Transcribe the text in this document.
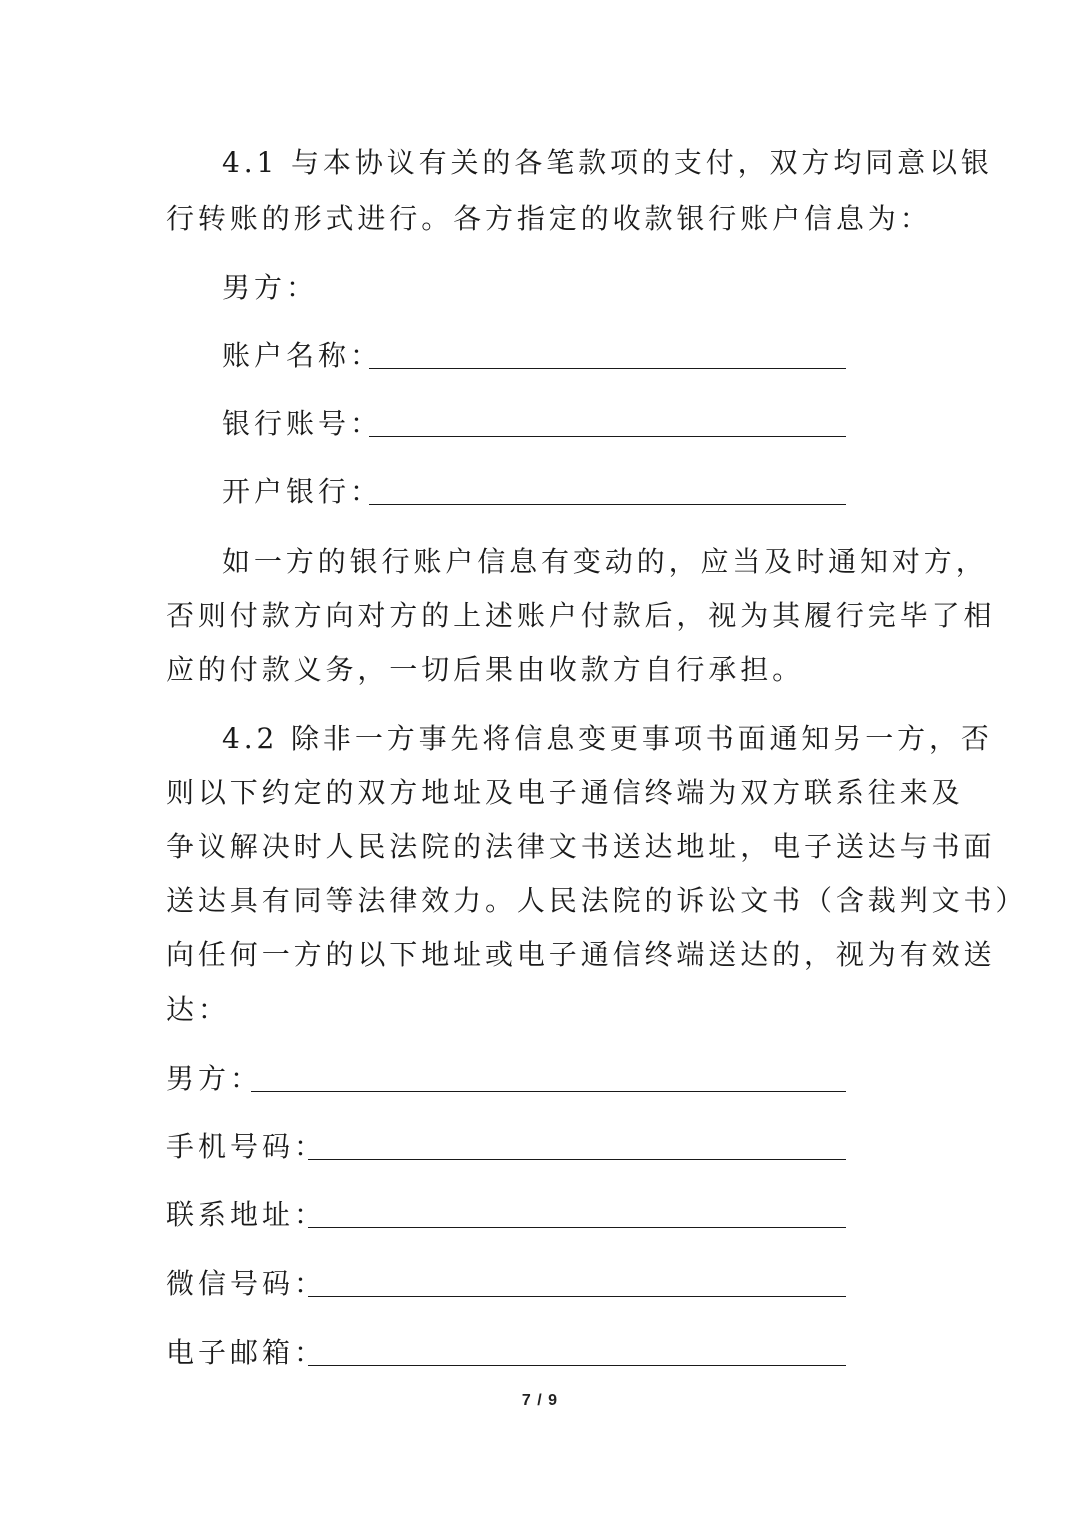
4.1 与本协议有关的各笔款项的支付，双方均同意以银
行转账的形式进行。各方指定的收款银行账户信息为：
男方：
账户名称：
银行账号：
开户银行：
如一方的银行账户信息有变动的，应当及时通知对方，
否则付款方向对方的上述账户付款后，视为其履行完毕了相
应的付款义务，一切后果由收款方自行承担。
4.2 除非一方事先将信息变更事项书面通知另一方，否
则以下约定的双方地址及电子通信终端为双方联系往来及
争议解决时人民法院的法律文书送达地址，电子送达与书面
送达具有同等法律效力。人民法院的诉讼文书（含裁判文书）
向任何一方的以下地址或电子通信终端送达的，视为有效送
达：
男方：
手机号码：
联系地址：
微信号码：
电子邮箱：
7 / 9
